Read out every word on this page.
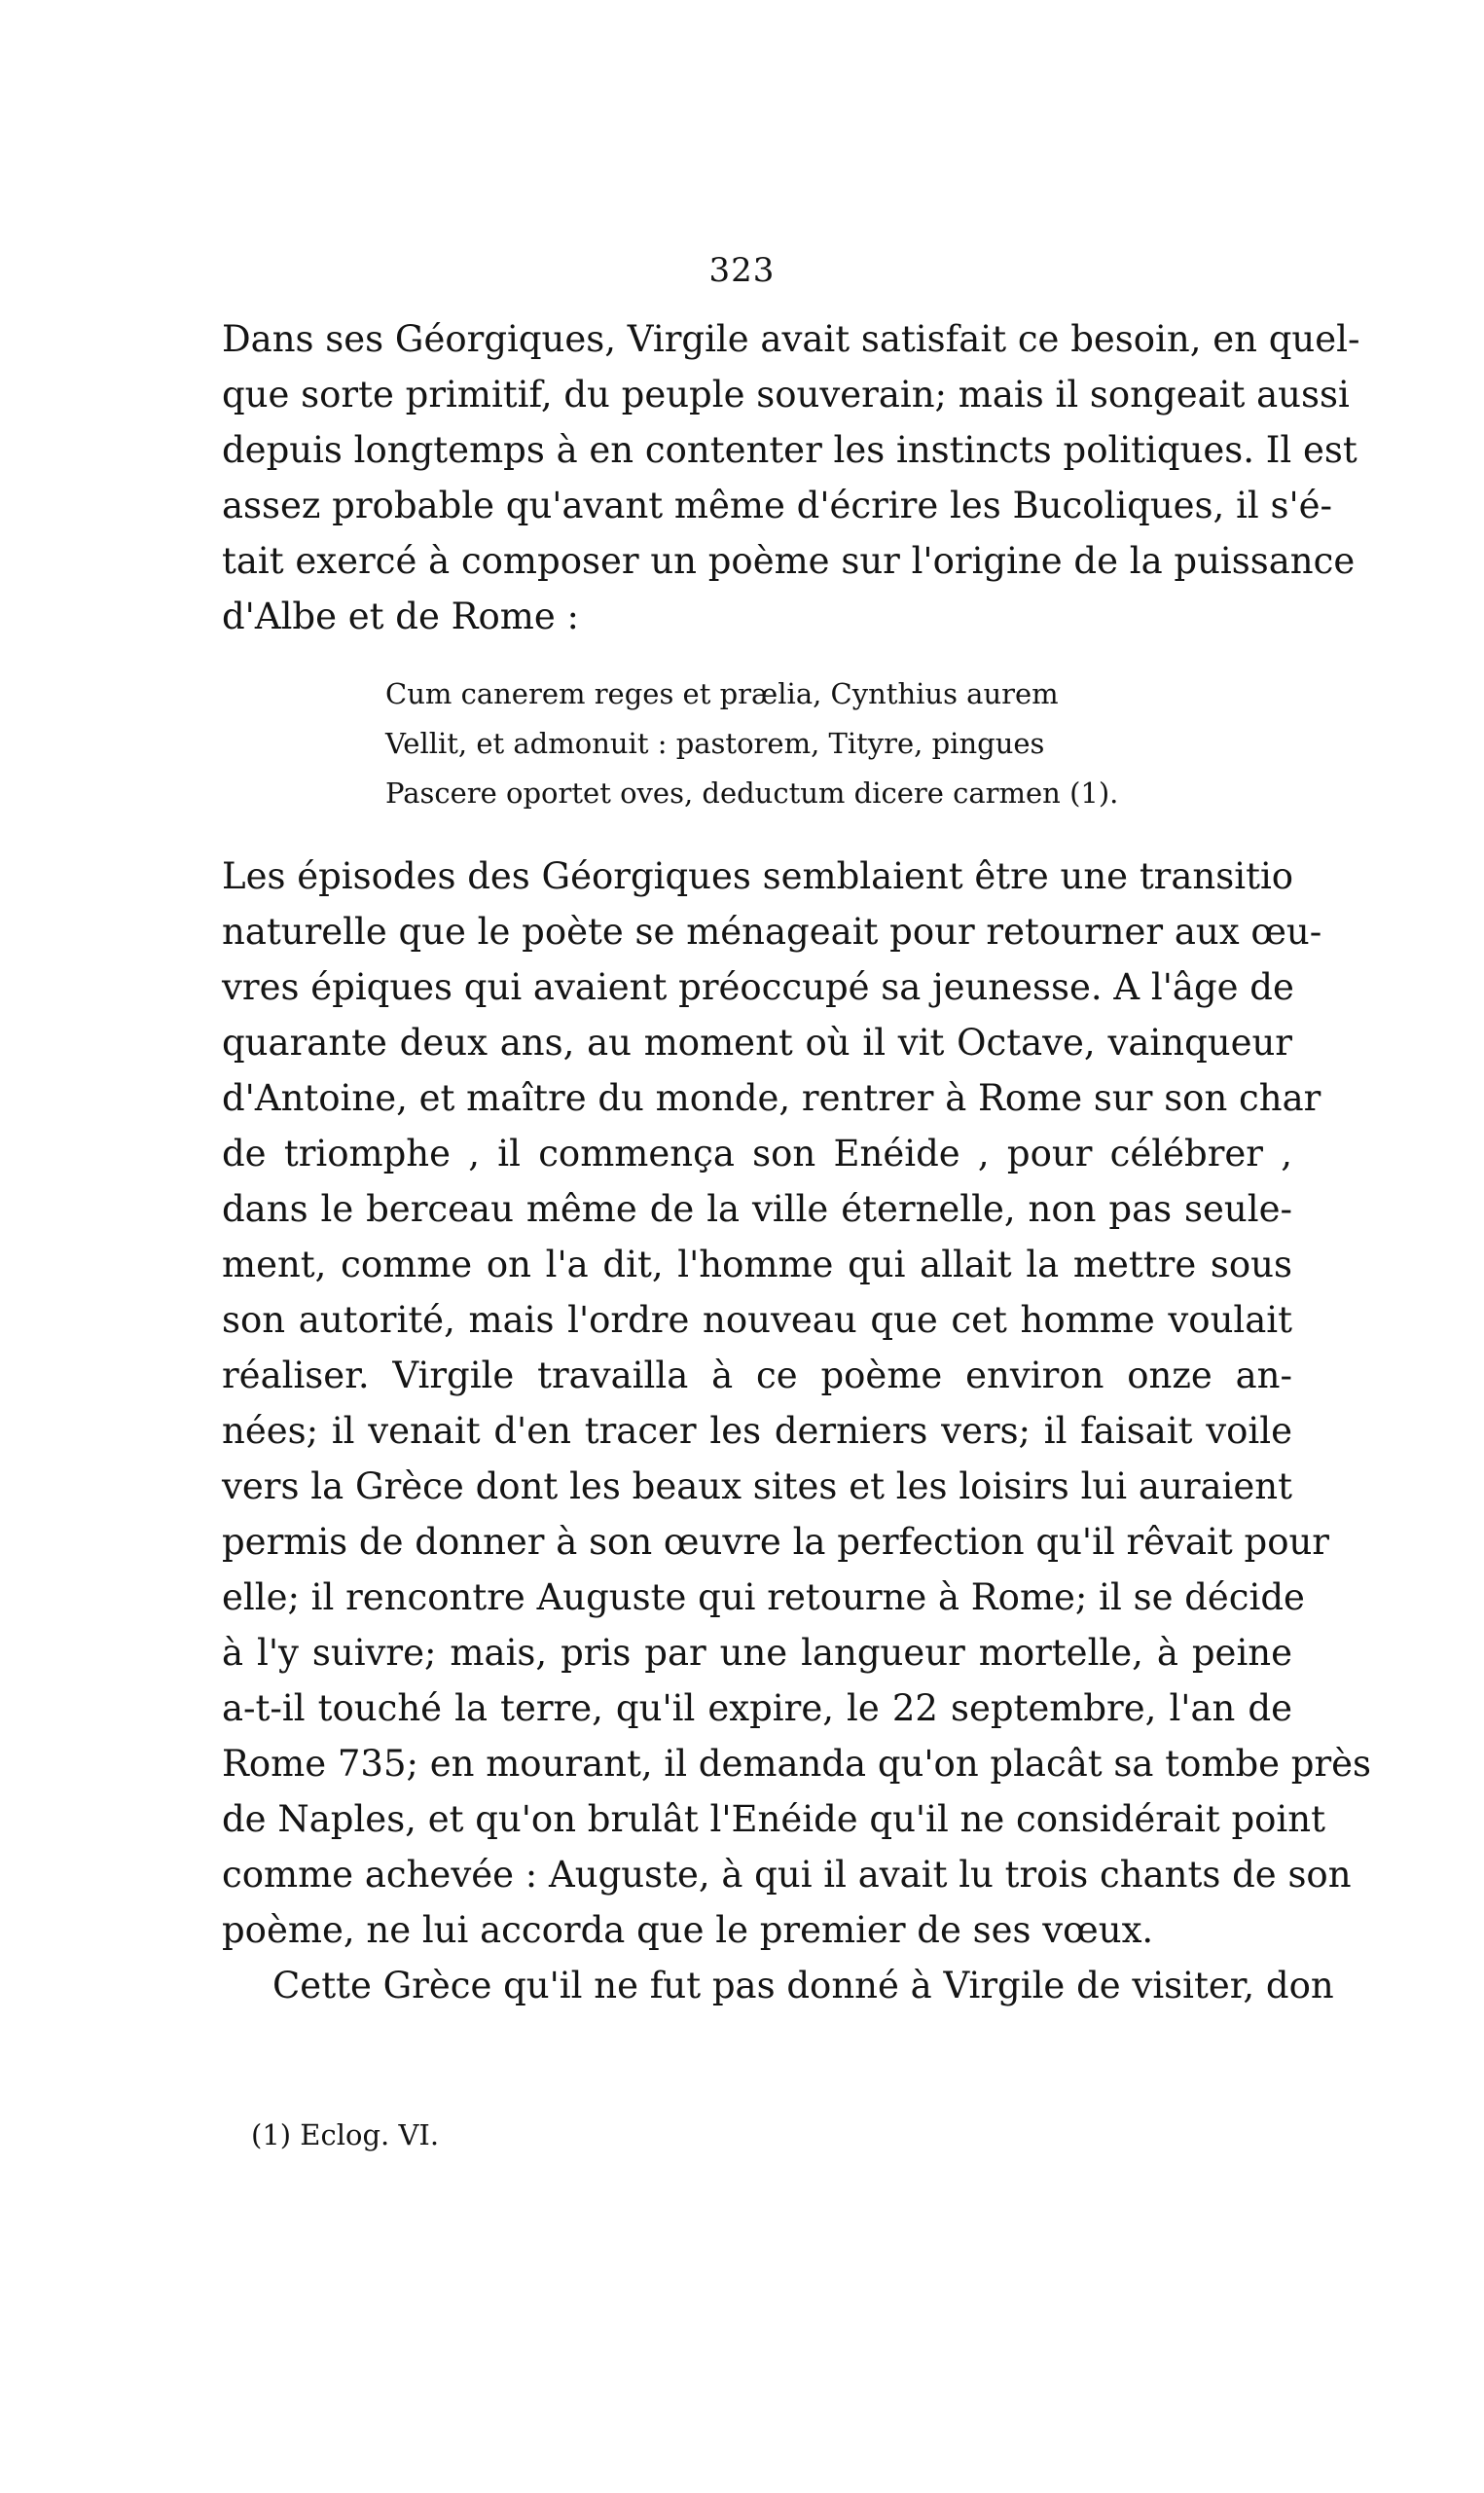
323
Dans ses Géorgiques, Virgile avait satisfait ce besoin, en quel-
que sorte primitif, du peuple souverain; mais il songeait aussi
depuis longtemps à en contenter les instincts politiques. Il est
assez probable qu'avant même d'écrire les Bucoliques, il s'é-
tait exercé à composer un poème sur l'origine de la puissance
d'Albe et de Rome :
Cum canerem reges et prælia, Cynthius aurem
Vellit, et admonuit : pastorem, Tityre, pingues
Pascere oportet oves, deductum dicere carmen (1).
Les épisodes des Géorgiques semblaient être une transitio
naturelle que le poète se ménageait pour retourner aux œu-
vres épiques qui avaient préoccupé sa jeunesse. A l'âge de
quarante deux ans, au moment où il vit Octave, vainqueur
d'Antoine, et maître du monde, rentrer à Rome sur son char
de triomphe , il commença son Enéide , pour célébrer ,
dans le berceau même de la ville éternelle, non pas seule-
ment, comme on l'a dit, l'homme qui allait la mettre sous
son autorité, mais l'ordre nouveau que cet homme voulait
réaliser. Virgile travailla à ce poème environ onze an-
nées; il venait d'en tracer les derniers vers; il faisait voile
vers la Grèce dont les beaux sites et les loisirs lui auraient
permis de donner à son œuvre la perfection qu'il rêvait pour
elle; il rencontre Auguste qui retourne à Rome; il se décide
à l'y suivre; mais, pris par une langueur mortelle, à peine
a-t-il touché la terre, qu'il expire, le 22 septembre, l'an de
Rome 735; en mourant, il demanda qu'on placât sa tombe près
de Naples, et qu'on brulât l'Enéide qu'il ne considérait point
comme achevée : Auguste, à qui il avait lu trois chants de son
poème, ne lui accorda que le premier de ses vœux.
Cette Grèce qu'il ne fut pas donné à Virgile de visiter, don
(1) Eclog. VI.
